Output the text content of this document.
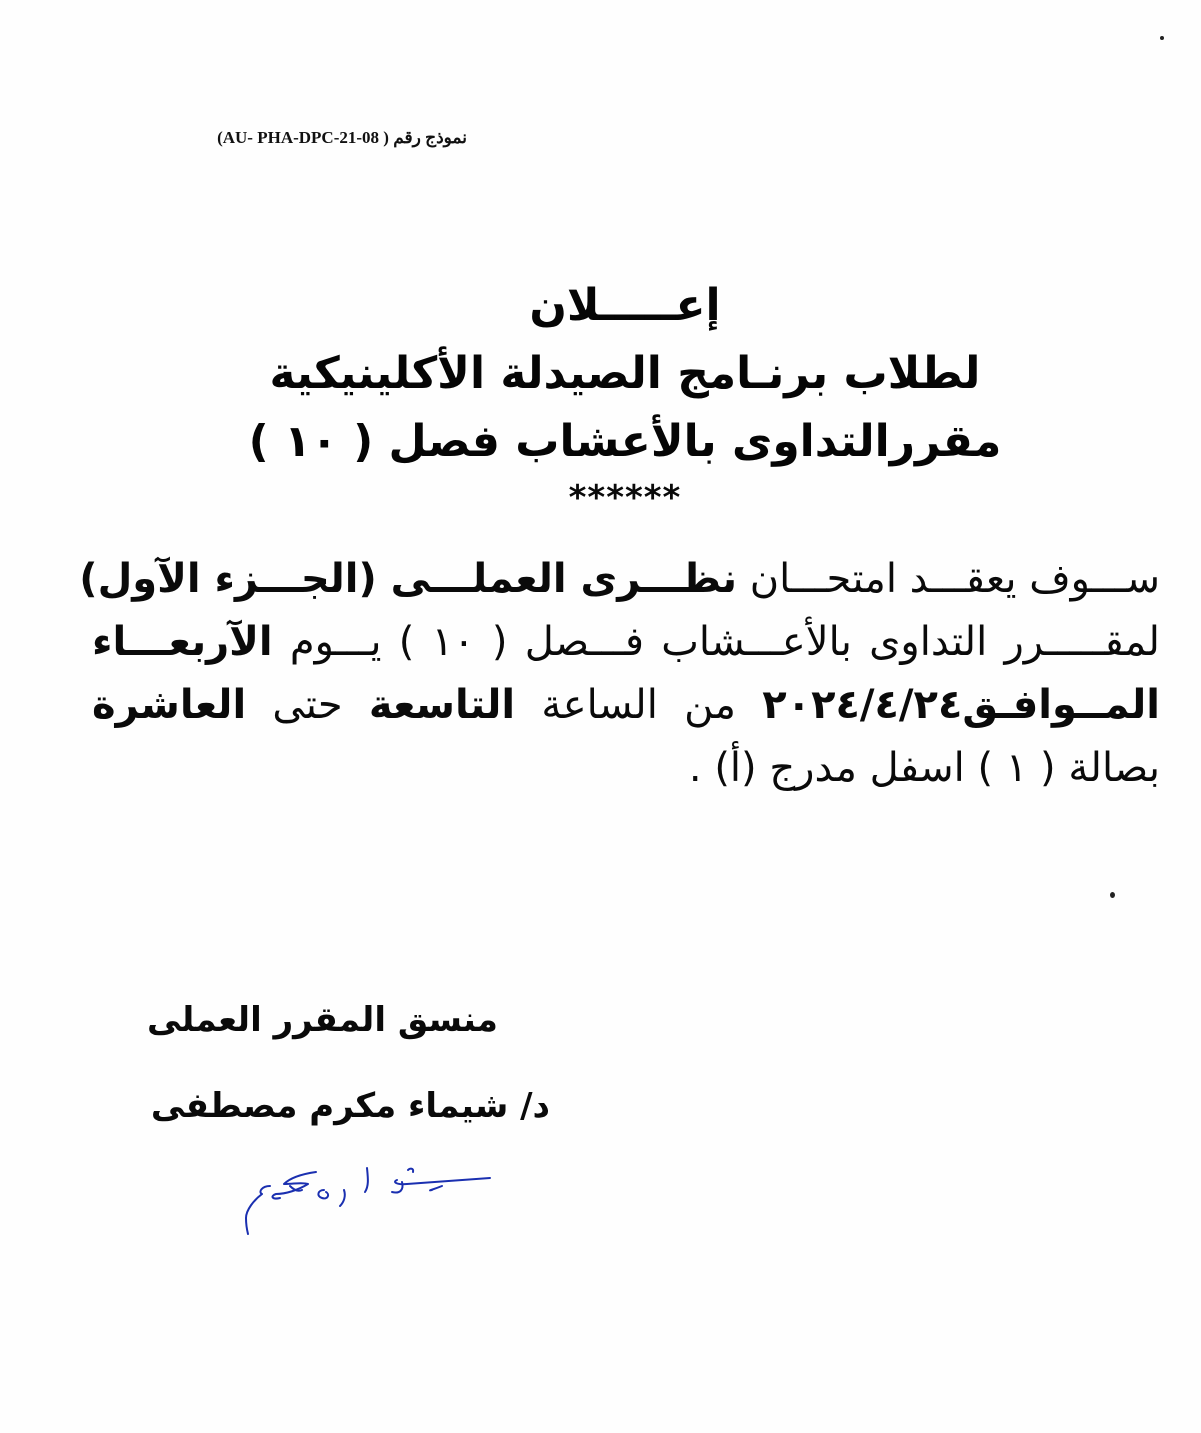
نموذج رقم ( AU- PHA-DPC-21-08)
إعـــــلان
لطلاب برنـامج الصيدلة الأكلينيكية
مقررالتداوى بالأعشاب فصل ( ١٠ )
******
ســـوف يعقـــد امتحـــان نظـــرى العملـــى (الجـــزء الآول)
لمقـــــرر التداوى بالأعـــشاب فـــصل ( ١٠ ) يـــوم الآربعـــاء
المــوافـق٢٠٢٤/٤/٢٤ من الساعة التاسعة حتى العاشرة
بصالة ( ١ ) اسفل مدرج (أ) .
منسق المقرر العملى
د/ شيماء مكرم مصطفى
